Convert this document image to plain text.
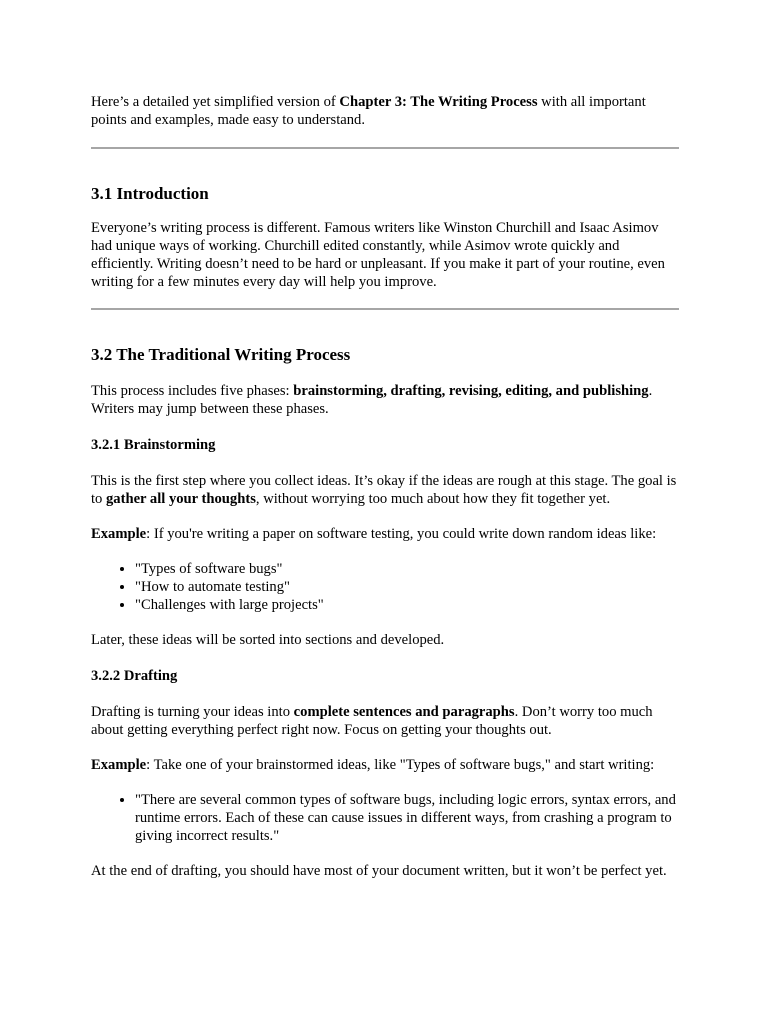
Here’s a detailed yet simplified version of Chapter 3: The Writing Process with all important points and examples, made easy to understand.

3.1 Introduction

Everyone’s writing process is different. Famous writers like Winston Churchill and Isaac Asimov had unique ways of working. Churchill edited constantly, while Asimov wrote quickly and efficiently. Writing doesn’t need to be hard or unpleasant. If you make it part of your routine, even writing for a few minutes every day will help you improve.

3.2 The Traditional Writing Process

This process includes five phases: brainstorming, drafting, revising, editing, and publishing. Writers may jump between these phases.

3.2.1 Brainstorming

This is the first step where you collect ideas. It’s okay if the ideas are rough at this stage. The goal is to gather all your thoughts, without worrying too much about how they fit together yet.

Example: If you're writing a paper on software testing, you could write down random ideas like:

• "Types of software bugs"
• "How to automate testing"
• "Challenges with large projects"

Later, these ideas will be sorted into sections and developed.

3.2.2 Drafting

Drafting is turning your ideas into complete sentences and paragraphs. Don’t worry too much about getting everything perfect right now. Focus on getting your thoughts out.

Example: Take one of your brainstormed ideas, like "Types of software bugs," and start writing:

• "There are several common types of software bugs, including logic errors, syntax errors, and runtime errors. Each of these can cause issues in different ways, from crashing a program to giving incorrect results."

At the end of drafting, you should have most of your document written, but it won’t be perfect yet.
